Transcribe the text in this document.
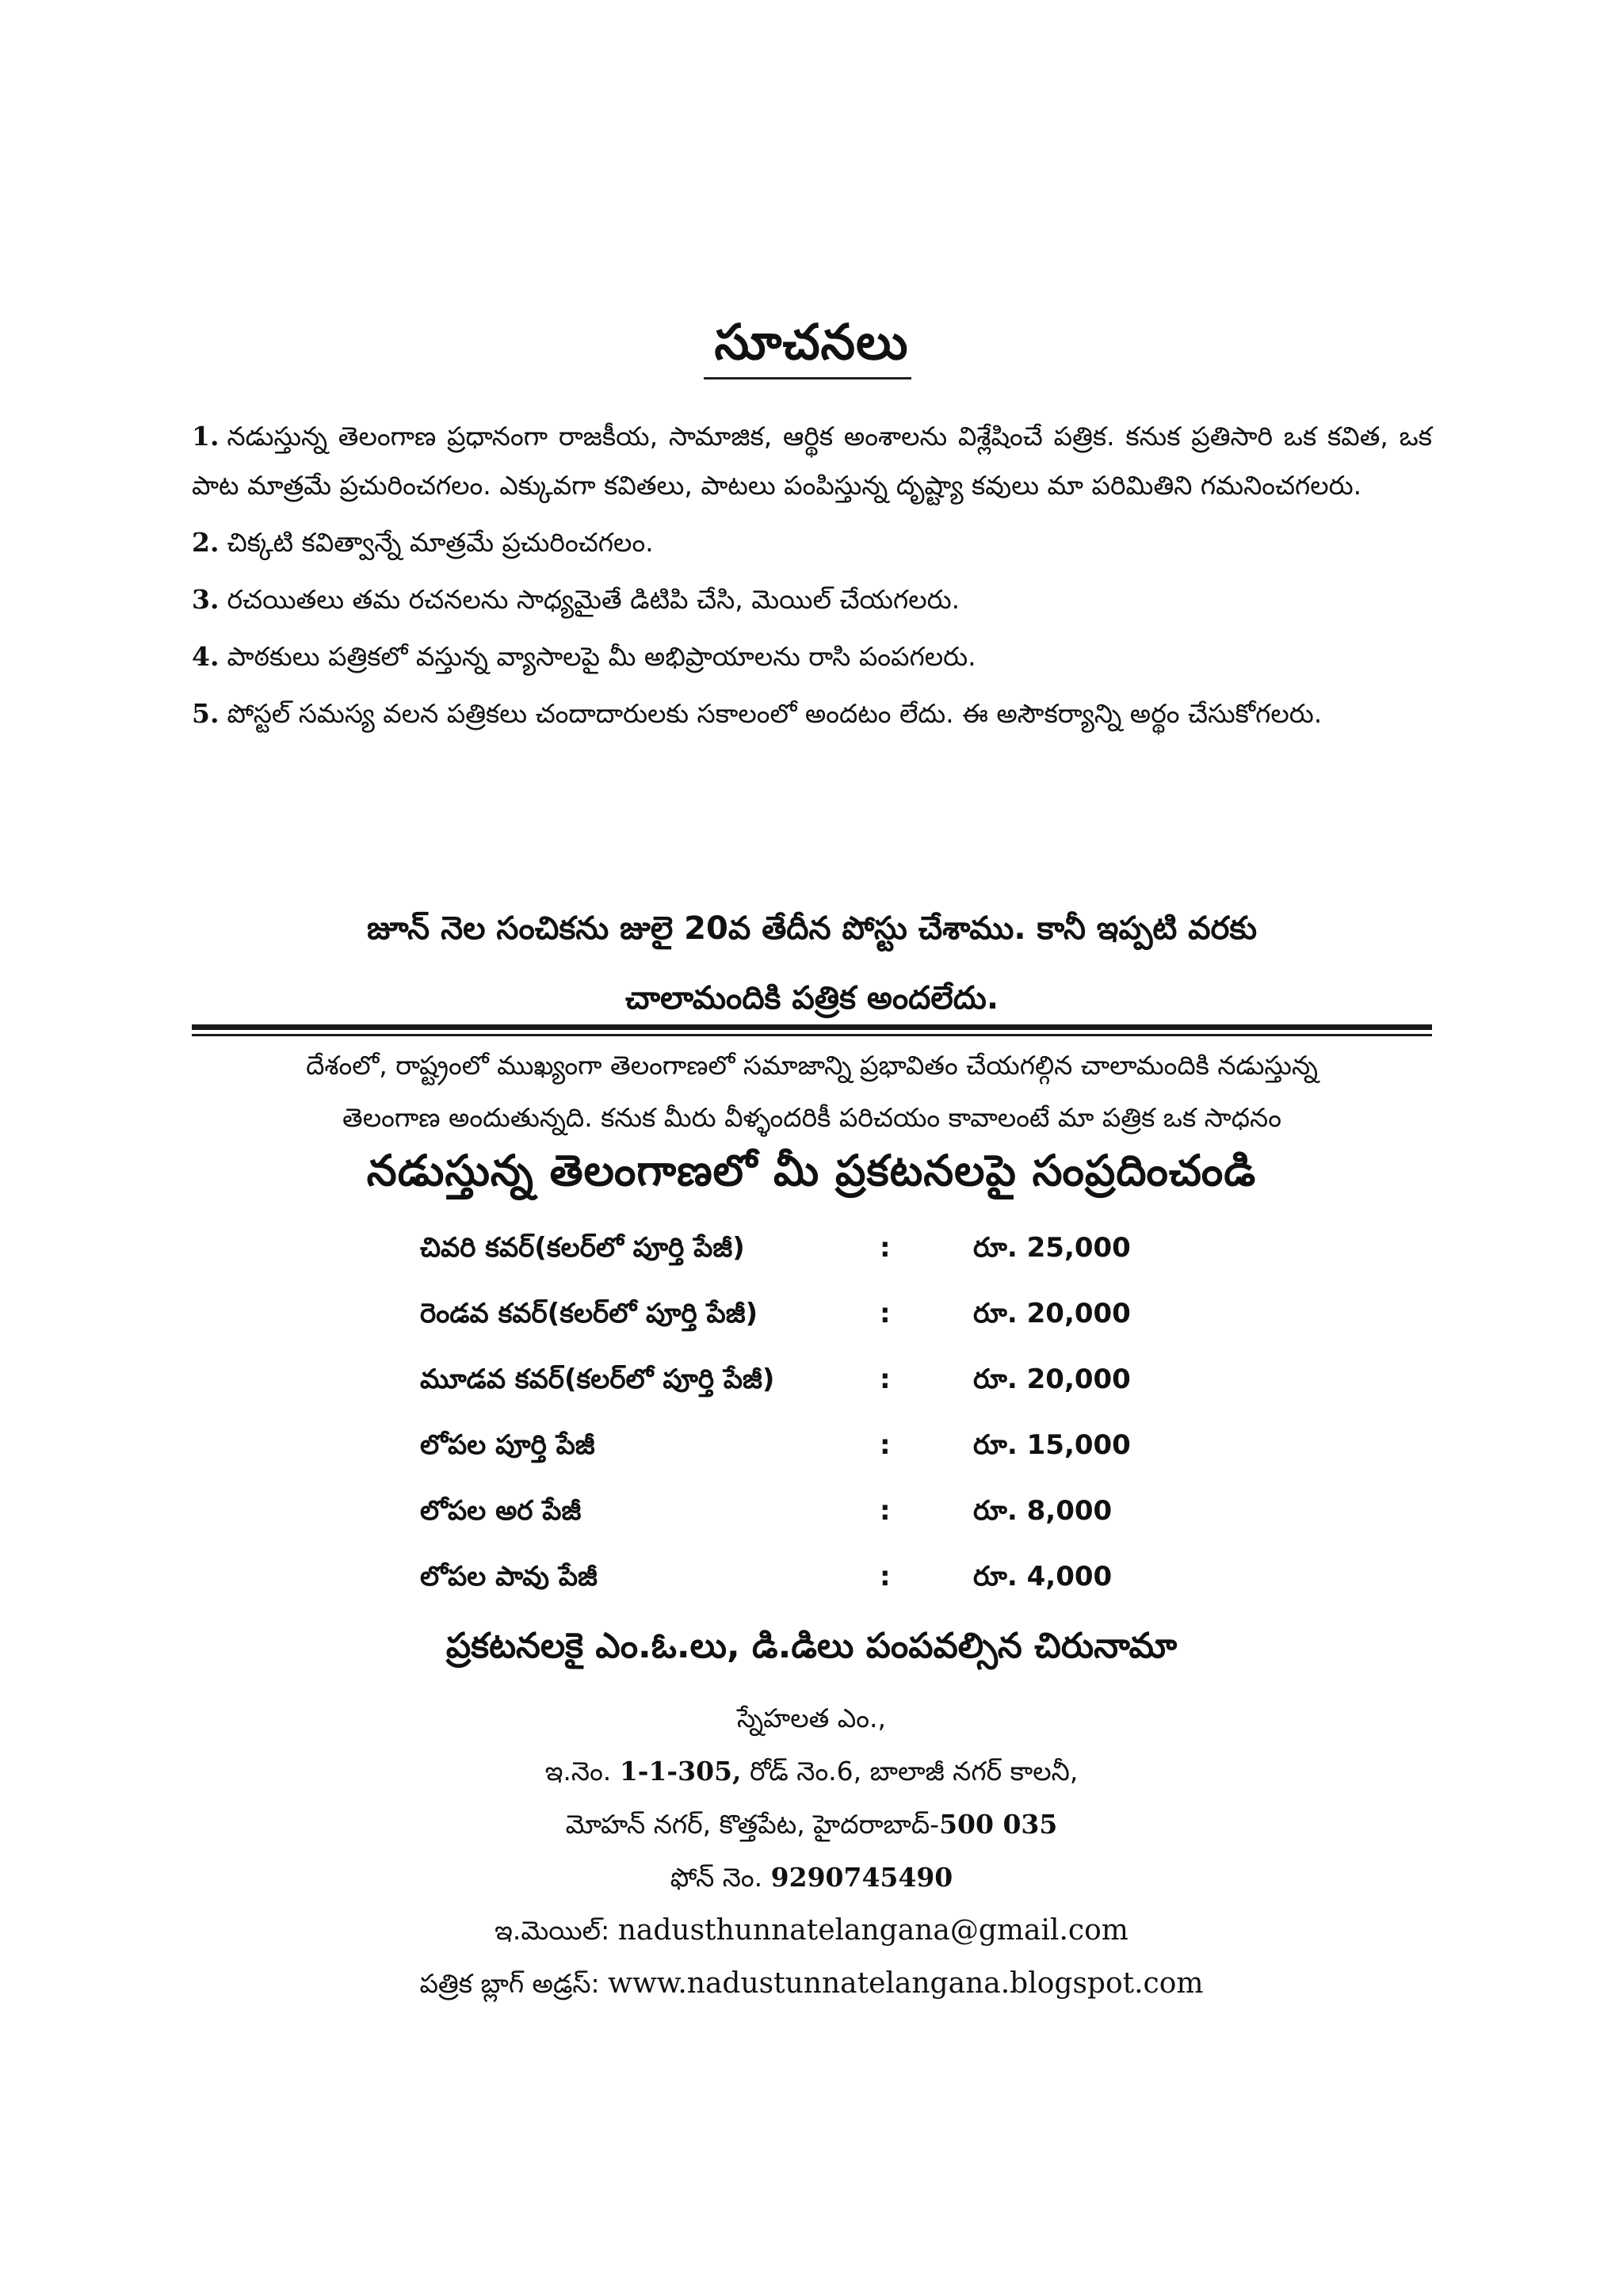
సూచనలు

1. నడుస్తున్న తెలంగాణ ప్రధానంగా రాజకీయ, సామాజిక, ఆర్థిక అంశాలను విశ్లేషించే పత్రిక. కనుక ప్రతిసారి ఒక కవిత, ఒక పాట మాత్రమే ప్రచురించగలం. ఎక్కువగా కవితలు, పాటలు పంపిస్తున్న దృష్ట్యా కవులు మా పరిమితిని గమనించగలరు.

2. చిక్కటి కవిత్వాన్నే మాత్రమే ప్రచురించగలం.

3. రచయితలు తమ రచనలను సాధ్యమైతే డిటిపి చేసి, మెయిల్ చేయగలరు.

4. పాఠకులు పత్రికలో వస్తున్న వ్యాసాలపై మీ అభిప్రాయాలను రాసి పంపగలరు.

5. పోస్టల్ సమస్య వలన పత్రికలు చందాదారులకు సకాలంలో అందటం లేదు. ఈ అసౌకర్యాన్ని అర్థం చేసుకోగలరు.

జూన్ నెల సంచికను జులై 20వ తేదీన పోస్టు చేశాము. కానీ ఇప్పటి వరకు
చాలామందికి పత్రిక అందలేదు.
దేశంలో, రాష్ట్రంలో ముఖ్యంగా తెలంగాణలో సమాజాన్ని ప్రభావితం చేయగల్గిన చాలామందికి నడుస్తున్న
తెలంగాణ అందుతున్నది. కనుక మీరు వీళ్ళందరికీ పరిచయం కావాలంటే మా పత్రిక ఒక సాధనం
నడుస్తున్న తెలంగాణలో మీ ప్రకటనలపై సంప్రదించండి
చివరి కవర్(కలర్‌లో పూర్తి పేజీ)	:	రూ. 25,000
రెండవ కవర్(కలర్‌లో పూర్తి పేజీ)	:	రూ. 20,000
మూడవ కవర్(కలర్‌లో పూర్తి పేజీ)	:	రూ. 20,000
లోపల పూర్తి పేజీ	:	రూ. 15,000
లోపల అర పేజీ	:	రూ. 8,000
లోపల పావు పేజీ	:	రూ. 4,000
ప్రకటనలకై ఎం.ఓ.లు, డి.డిలు పంపవల్సిన చిరునామా
స్నేహలత ఎం.,
ఇ.నెం. 1-1-305, రోడ్ నెం.6, బాలాజీ నగర్ కాలనీ,
మోహన్ నగర్, కొత్తపేట, హైదరాబాద్-500 035
ఫోన్ నెం. 9290745490
ఇ.మెయిల్: nadusthunnatelangana@gmail.com
పత్రిక బ్లాగ్ అడ్రస్: www.nadustunnatelangana.blogspot.com
